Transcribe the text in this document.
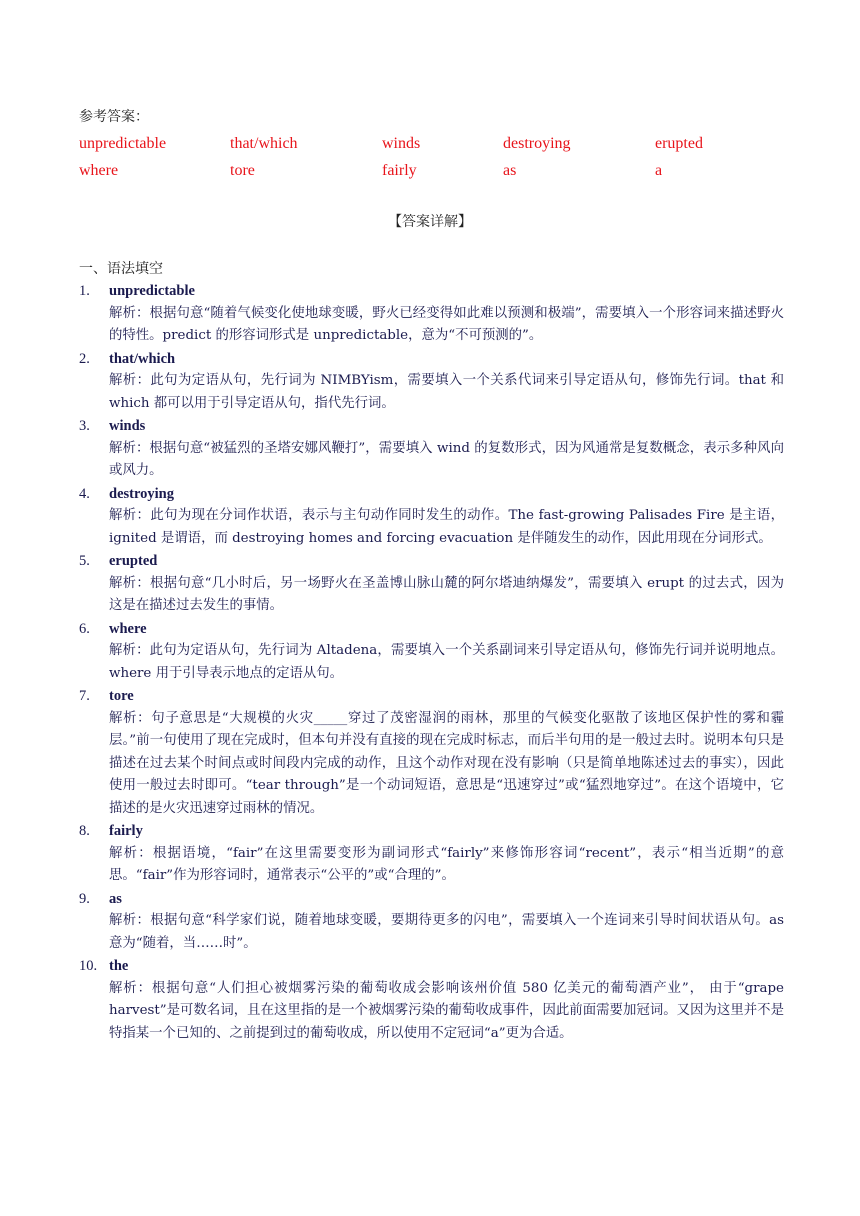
参考答案：
unpredictable	that/which	winds	destroying	erupted
where	tore	fairly	as	a
【答案详解】
一、语法填空
1. unpredictable
解析：根据句意“随着气候变化使地球变暖，野火已经变得如此难以预测和极端”，需要填入一个形容词来描述野火的特性。predict 的形容词形式是 unpredictable，意为“不可预测的”。
2. that/which
解析：此句为定语从句，先行词为 NIMBYism，需要填入一个关系代词来引导定语从句，修饰先行词。that 和 which 都可以用于引导定语从句，指代先行词。
3. winds
解析：根据句意“被猛烈的圣塔安娜风鞭打”，需要填入 wind 的复数形式，因为风通常是复数概念，表示多种风向或风力。
4. destroying
解析：此句为现在分词作状语，表示与主句动作同时发生的动作。The fast-growing Palisades Fire 是主语，ignited 是谓语，而 destroying homes and forcing evacuation 是伴随发生的动作，因此用现在分词形式。
5. erupted
解析：根据句意“几小时后，另一场野火在圣盖博山脉山麓的阿尔塔迪纳爆发”，需要填入 erupt 的过去式，因为这是在描述过去发生的事情。
6. where
解析：此句为定语从句，先行词为 Altadena，需要填入一个关系副词来引导定语从句，修饰先行词并说明地点。where 用于引导表示地点的定语从句。
7. tore
解析：句子意思是“大规模的火灾_____穿过了茂密湿润的雨林，那里的气候变化驱散了该地区保护性的雾和霾层。”前一句使用了现在完成时，但本句并没有直接的现在完成时标志，而后半句用的是一般过去时。说明本句只是描述在过去某个时间点或时间段内完成的动作，且这个动作对现在没有影响（只是简单地陈述过去的事实），因此使用一般过去时即可。“tear through”是一个动词短语，意思是“迅速穿过”或“猛烈地穿过”。在这个语境中，它描述的是火灾迅速穿过雨林的情况。
8. fairly
解析：根据语境，“fair”在这里需要变形为副词形式“fairly”来修饰形容词“recent”，表示“相当近期”的意思。“fair”作为形容词时，通常表示“公平的”或“合理的”。
9. as
解析：根据句意“科学家们说，随着地球变暖，要期待更多的闪电”，需要填入一个连词来引导时间状语从句。as 意为“随着，当……时”。
10. the
解析：根据句意“人们担心被烟雾污染的葡萄收成会影响该州价值 580 亿美元的葡萄酒产业”， 由于“grape harvest”是可数名词，且在这里指的是一个被烟雾污染的葡萄收成事件，因此前面需要加冠词。又因为这里并不是特指某一个已知的、之前提到过的葡萄收成，所以使用不定冠词“a”更为合适。
